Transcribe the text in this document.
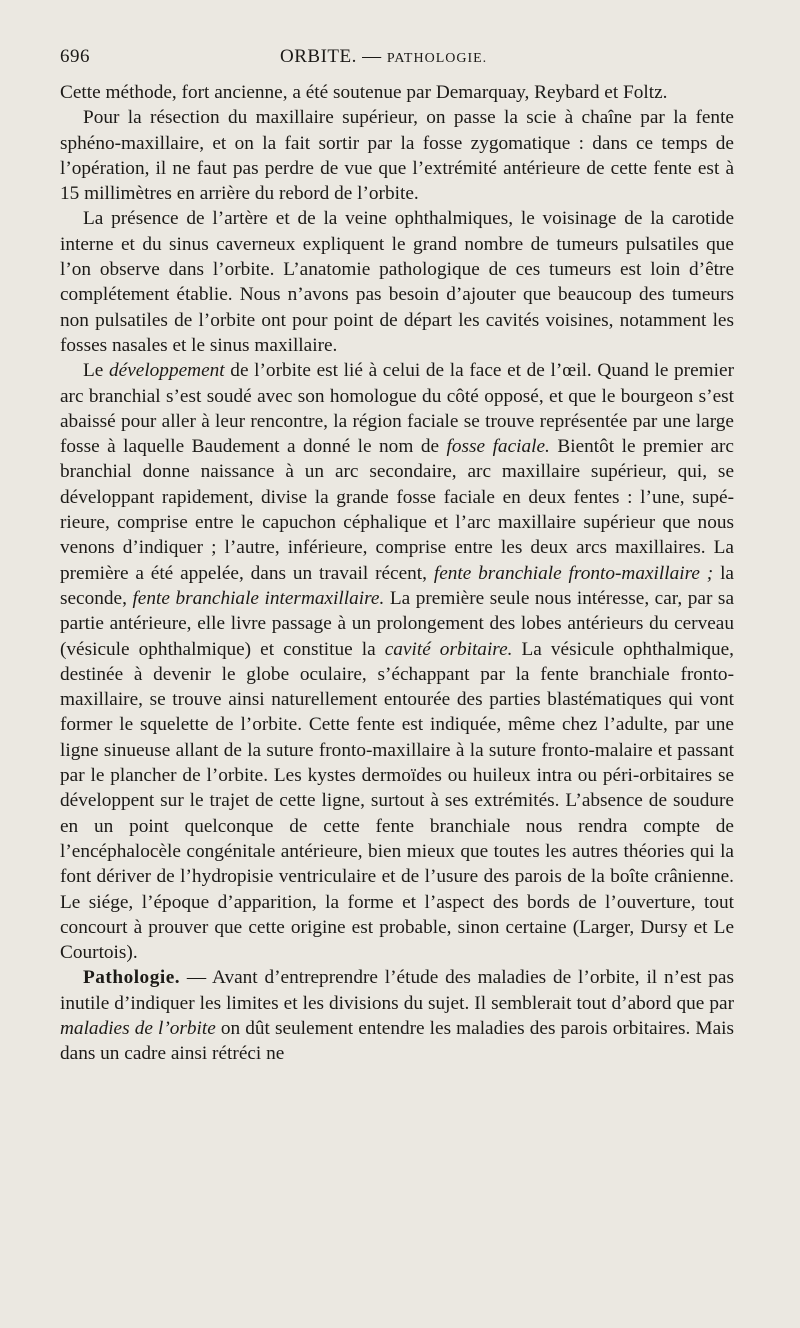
696	ORBITE. — PATHOLOGIE.

Cette méthode, fort ancienne, a été soutenue par Demarquay, Reybard et Foltz.

Pour la résection du maxillaire supérieur, on passe la scie à chaîne par la fente sphéno-maxillaire, et on la fait sortir par la fosse zygomatique : dans ce temps de l’opération, il ne faut pas perdre de vue que l’extrémité antérieure de cette fente est à 15 millimètres en arrière du rebord de l’orbite.

La présence de l’artère et de la veine ophthalmiques, le voisinage de la carotide interne et du sinus caverneux expliquent le grand nombre de tumeurs pulsatiles que l’on observe dans l’orbite. L’anatomie pathologique de ces tumeurs est loin d’être complétement établie. Nous n’avons pas besoin d’ajouter que beaucoup des tumeurs non pulsatiles de l’orbite ont pour point de départ les cavités voisines, notamment les fosses nasales et le sinus maxillaire.

Le développement de l’orbite est lié à celui de la face et de l’œil. Quand le premier arc branchial s’est soudé avec son homologue du côté opposé, et que le bourgeon s’est abaissé pour aller à leur rencontre, la région faciale se trouve représentée par une large fosse à laquelle Baudement a donné le nom de fosse faciale. Bientôt le premier arc branchial donne naissance à un arc secondaire, arc maxillaire supérieur, qui, se développant rapidement, divise la grande fosse faciale en deux fentes : l’une, supérieure, comprise entre le capuchon céphalique et l’arc maxillaire supérieur que nous venons d’indiquer ; l’autre, inférieure, comprise entre les deux arcs maxillaires. La première a été appelée, dans un travail récent, fente branchiale fronto-maxillaire ; la seconde, fente branchiale intermaxillaire. La première seule nous intéresse, car, par sa partie antérieure, elle livre passage à un prolongement des lobes antérieurs du cerveau (vésicule ophthalmique) et constitue la cavité orbitaire. La vésicule ophthalmique, destinée à devenir le globe oculaire, s’échappant par la fente branchiale fronto-maxillaire, se trouve ainsi naturellement entourée des parties blastématiques qui vont former le squelette de l’orbite. Cette fente est indiquée, même chez l’adulte, par une ligne sinueuse allant de la suture fronto-maxillaire à la suture fronto-malaire et passant par le plancher de l’orbite. Les kystes dermoïdes ou huileux intra ou péri-orbitaires se développent sur le trajet de cette ligne, surtout à ses extrémités. L’absence de soudure en un point quelconque de cette fente branchiale nous rendra compte de l’encéphalocèle congénitale antérieure, bien mieux que toutes les autres théories qui la font dériver de l’hydropisie ventriculaire et de l’usure des parois de la boîte crânienne. Le siége, l’époque d’apparition, la forme et l’aspect des bords de l’ouverture, tout concourt à prouver que cette origine est probable, sinon certaine (Larger, Dursy et Le Courtois).

Pathologie. — Avant d’entreprendre l’étude des maladies de l’orbite, il n’est pas inutile d’indiquer les limites et les divisions du sujet. Il semblerait tout d’abord que par maladies de l’orbite on dût seulement entendre les maladies des parois orbitaires. Mais dans un cadre ainsi rétréci ne
